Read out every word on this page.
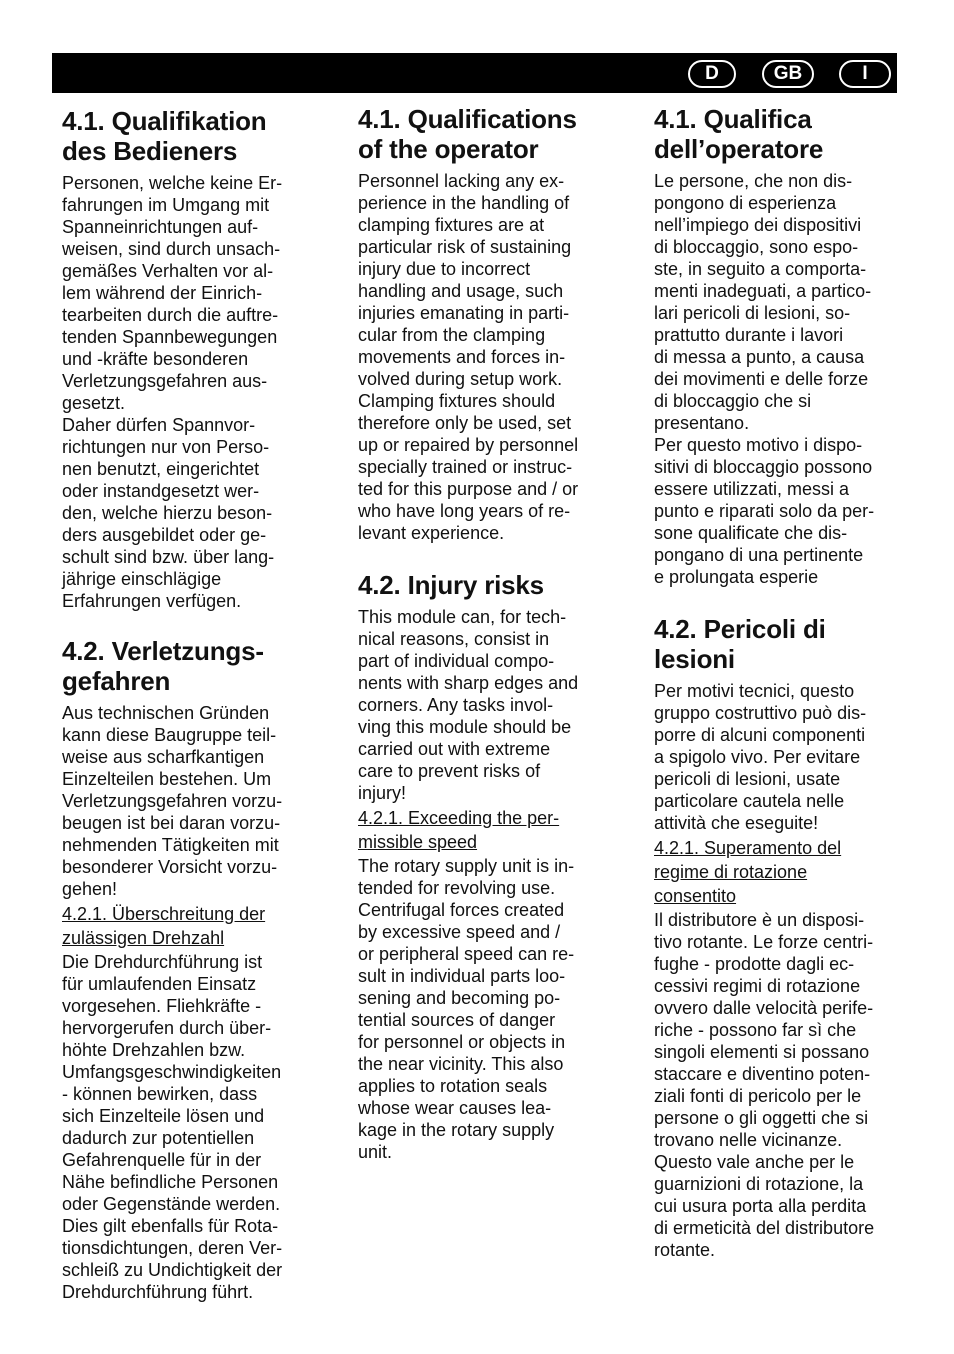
D	GB	I
4.1. Qualifikation
des Bedieners

Personen, welche keine Er-
fahrungen im Umgang mit
Spanneinrichtungen auf-
weisen, sind durch unsach-
gemäßes Verhalten vor al-
lem während der Einrich-
tearbeiten durch die auftre-
tenden Spannbewegungen
und -kräfte besonderen
Verletzungsgefahren aus-
gesetzt.
Daher dürfen Spannvor-
richtungen nur von Perso-
nen benutzt, eingerichtet
oder instandgesetzt wer-
den, welche hierzu beson-
ders ausgebildet oder ge-
schult sind bzw. über lang-
jährige einschlägige
Erfahrungen verfügen.

4.2. Verletzungs-
gefahren

Aus technischen Gründen
kann diese Baugruppe teil-
weise aus scharfkantigen
Einzelteilen bestehen. Um
Verletzungsgefahren vorzu-
beugen ist bei daran vorzu-
nehmenden Tätigkeiten mit
besonderer Vorsicht vorzu-
gehen!

4.2.1. Überschreitung der
zulässigen Drehzahl

Die Drehdurchführung ist
für umlaufenden Einsatz
vorgesehen. Fliehkräfte -
hervorgerufen durch über-
höhte Drehzahlen bzw.
Umfangsgeschwindigkeiten
- können bewirken, dass
sich Einzelteile lösen und
dadurch zur potentiellen
Gefahrenquelle für in der
Nähe befindliche Personen
oder Gegenstände werden.
Dies gilt ebenfalls für Rota-
tionsdichtungen, deren Ver-
schleiß zu Undichtigkeit der
Drehdurchführung führt.

4.1. Qualifications
of the operator

Personnel lacking any ex-
perience in the handling of
clamping fixtures are at
particular risk of sustaining
injury due to incorrect
handling and usage, such
injuries emanating in parti-
cular from the clamping
movements and forces in-
volved during setup work.
Clamping fixtures should
therefore only be used, set
up or repaired by personnel
specially trained or instruc-
ted for this purpose and / or
who have long years of re-
levant experience.

4.2. Injury risks

This module can, for tech-
nical reasons, consist in
part of individual compo-
nents with sharp edges and
corners. Any tasks invol-
ving this module should be
carried out with extreme
care to prevent risks of
injury!

4.2.1. Exceeding the per-
missible speed

The rotary supply unit is in-
tended for revolving use.
Centrifugal forces created
by excessive speed and /
or peripheral speed can re-
sult in individual parts loo-
sening and becoming po-
tential sources of danger
for personnel or objects in
the near vicinity. This also
applies to rotation seals
whose wear causes lea-
kage in the rotary supply
unit.

4.1. Qualifica
dell’operatore

Le persone, che non dis-
pongono di esperienza
nell’impiego dei dispositivi
di bloccaggio, sono espo-
ste, in seguito a comporta-
menti inadeguati, a partico-
lari pericoli di lesioni, so-
prattutto durante i lavori
di messa a punto, a causa
dei movimenti e delle forze
di bloccaggio che si
presentano.
Per questo motivo i dispo-
sitivi di bloccaggio possono
essere utilizzati, messi a
punto e riparati solo da per-
sone qualificate che dis-
pongano di una pertinente
e prolungata esperie

4.2. Pericoli di
lesioni

Per motivi tecnici, questo
gruppo costruttivo può dis-
porre di alcuni componenti
a spigolo vivo. Per evitare
pericoli di lesioni, usate
particolare cautela nelle
attività che eseguite!

4.2.1. Superamento del
regime di rotazione
consentito

Il distributore è un disposi-
tivo rotante. Le forze centri-
fughe - prodotte dagli ec-
cessivi regimi di rotazione
ovvero dalle velocità perife-
riche - possono far sì che
singoli elementi si possano
staccare e diventino poten-
ziali fonti di pericolo per le
persone o gli oggetti che si
trovano nelle vicinanze.
Questo vale anche per le
guarnizioni di rotazione, la
cui usura porta alla perdita
di ermeticità del distributore
rotante.
